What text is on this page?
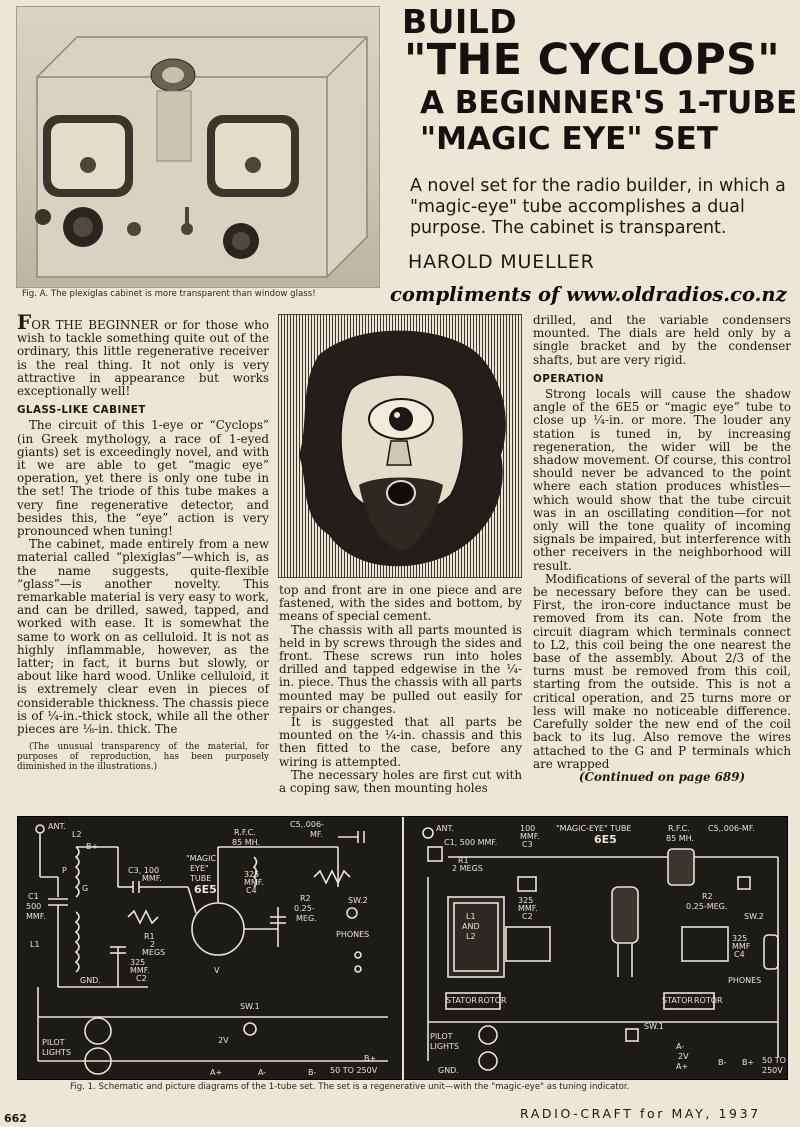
Fig. A. The plexiglas cabinet is more transparent than window glass!
BUILD
"THE CYCLOPS"
A BEGINNER'S 1-TUBE
"MAGIC EYE" SET
A novel set for the radio builder, in which a "magic-eye" tube accomplishes a dual purpose. The cabinet is transparent.
HAROLD MUELLER
compliments of www.oldradios.co.nz

FOR THE BEGINNER or for those who wish to tackle something quite out of the ordinary, this little regenerative receiver is the real thing. It not only is very attractive in appearance but works exceptionally well!

GLASS-LIKE CABINET

The circuit of this 1-eye or “Cyclops” (in Greek mythology, a race of 1-eyed giants) set is exceedingly novel, and with it we are able to get “magic eye” operation, yet there is only one tube in the set! The triode of this tube makes a very fine regenerative detector, and besides this, the “eye” action is very pronounced when tuning!

The cabinet, made entirely from a new material called “plexiglas”—which is, as the name suggests, quite-flexible “glass”—is another novelty. This remarkable material is very easy to work, and can be drilled, sawed, tapped, and worked with ease. It is somewhat the same to work on as celluloid. It is not as highly inflammable, however, as the latter; in fact, it burns but slowly, or about like hard wood. Unlike celluloid, it is extremely clear even in pieces of considerable thickness. The chassis piece is of ¼-in.-thick stock, while all the other pieces are ⅛-in. thick. The

(The unusual transparency of the material, for purposes of reproduction, has been purposely diminished in the illustrations.)

top and front are in one piece and are fastened, with the sides and bottom, by means of special cement.

The chassis with all parts mounted is held in by screws through the sides and front. These screws run into holes drilled and tapped edgewise in the ¼-in. piece. Thus the chassis with all parts mounted may be pulled out easily for repairs or changes.

It is suggested that all parts be mounted on the ¼-in. chassis and this then fitted to the case, before any wiring is attempted.

The necessary holes are first cut with a coping saw, then mounting holes

drilled, and the variable condensers mounted. The dials are held only by a single bracket and by the condenser shafts, but are very rigid.

OPERATION

Strong locals will cause the shadow angle of the 6E5 or “magic eye” tube to close up ¼-in. or more. The louder any station is tuned in, by increasing regeneration, the wider will be the shadow movement. Of course, this control should never be advanced to the point where each station produces whistles—which would show that the tube circuit was in an oscillating condition—for not only will the tone quality of incoming signals be impaired, but interference with other receivers in the neighborhood will result.

Modifications of several of the parts will be necessary before they can be used. First, the iron-core inductance must be removed from its can. Note from the circuit diagram which terminals connect to L2, this coil being the one nearest the base of the assembly. About 2/3 of the turns must be removed from this coil, starting from the outside. This is not a critical operation, and 25 turns more or less will make no noticeable difference. Carefully solder the new end of the coil back to its lug. Also remove the wires attached to the G and P terminals which are wrapped

(Continued on page 689)
ANT.
L2
B+
P
G
C1
500
MMF.
L1
GND.
C3, 100
MMF.
R1
2
MEGS
325
MMF.
C2
"MAGIC
EYE"
TUBE
6E5
V
R.F.C.
85 MH.
325
MMF.
C4
C5,.006-
MF.
R2
0.25-
MEG.
SW.2
PHONES
PILOT
LIGHTS
SW.1
2V
A+	A-	B-
B+
50 TO 250V
ANT.
C1, 500 MMF.
100
MMF.
C3
"MAGIC-EYE" TUBE
6E5
R.F.C.
85 MH.
C5,.006-MF.
R1
2 MEGS
L1
AND
L2
325
MMF.
C2
R2
0.25-MEG.
SW.2
325
MMF
C4
PHONES
STATOR ROTOR	STATOR ROTOR
PILOT
LIGHTS
GND.
SW.1
A-
2V
A+	B- B+ 50 TO
250V
Fig. 1. Schematic and picture diagrams of the 1-tube set. The set is a regenerative unit—with the "magic-eye" as tuning indicator.
662	RADIO-CRAFT for MAY, 1937
